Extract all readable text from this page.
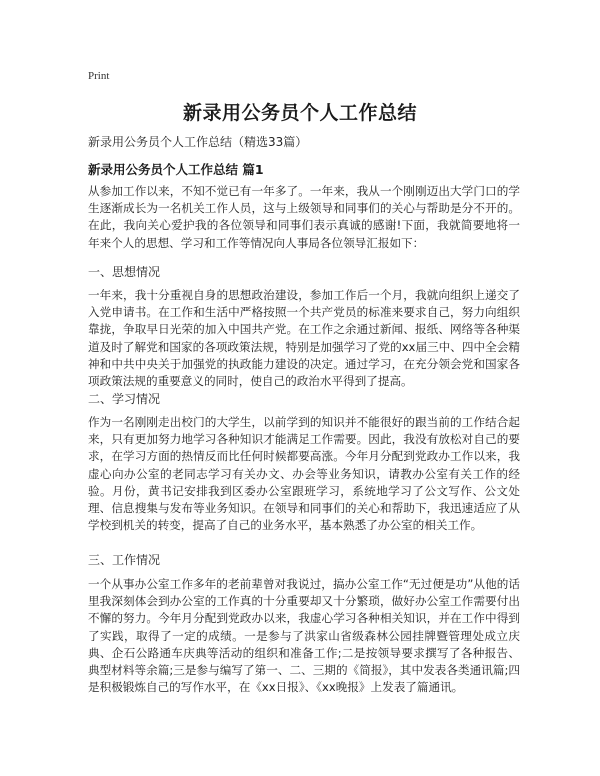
Print
新录用公务员个人工作总结
新录用公务员个人工作总结（精选33篇）
新录用公务员个人工作总结 篇1

从参加工作以来，不知不觉已有一年多了。一年来，我从一个刚刚迈出大学门口的学生逐渐成长为一名机关工作人员，这与上级领导和同事们的关心与帮助是分不开的。在此，我向关心爱护我的各位领导和同事们表示真诚的感谢!下面，我就简要地将一年来个人的思想、学习和工作等情况向人事局各位领导汇报如下：

一、思想情况

一年来，我十分重视自身的思想政治建设，参加工作后一个月，我就向组织上递交了入党申请书。在工作和生活中严格按照一个共产党员的标准来要求自己，努力向组织靠拢，争取早日光荣的加入中国共产党。在工作之余通过新闻、报纸、网络等各种渠道及时了解党和国家的各项政策法规，特别是加强学习了党的xx届三中、四中全会精神和中共中央关于加强党的执政能力建设的决定。通过学习，在充分领会党和国家各项政策法规的重要意义的同时，使自己的政治水平得到了提高。

二、学习情况

作为一名刚刚走出校门的大学生，以前学到的知识并不能很好的跟当前的工作结合起来，只有更加努力地学习各种知识才能满足工作需要。因此，我没有放松对自己的要求，在学习方面的热情反而比任何时候都要高涨。今年月分配到党政办工作以来，我虚心向办公室的老同志学习有关办文、办会等业务知识，请教办公室有关工作的经验。月份，黄书记安排我到区委办公室跟班学习，系统地学习了公文写作、公文处理、信息搜集与发布等业务知识。在领导和同事们的关心和帮助下，我迅速适应了从学校到机关的转变，提高了自己的业务水平，基本熟悉了办公室的相关工作。

三、工作情况

一个从事办公室工作多年的老前辈曾对我说过，搞办公室工作“无过便是功”从他的话里我深刻体会到办公室的工作真的十分重要却又十分繁琐，做好办公室工作需要付出不懈的努力。今年月分配到党政办以来，我虚心学习各种相关知识，并在工作中得到了实践，取得了一定的成绩。一是参与了洪家山省级森林公园挂牌暨管理处成立庆典、企石公路通车庆典等活动的组织和准备工作;二是按领导要求撰写了各种报告、典型材料等余篇;三是参与编写了第一、二、三期的《简报》，其中发表各类通讯篇;四是积极锻炼自己的写作水平，在《xx日报》、《xx晚报》上发表了篇通讯。
